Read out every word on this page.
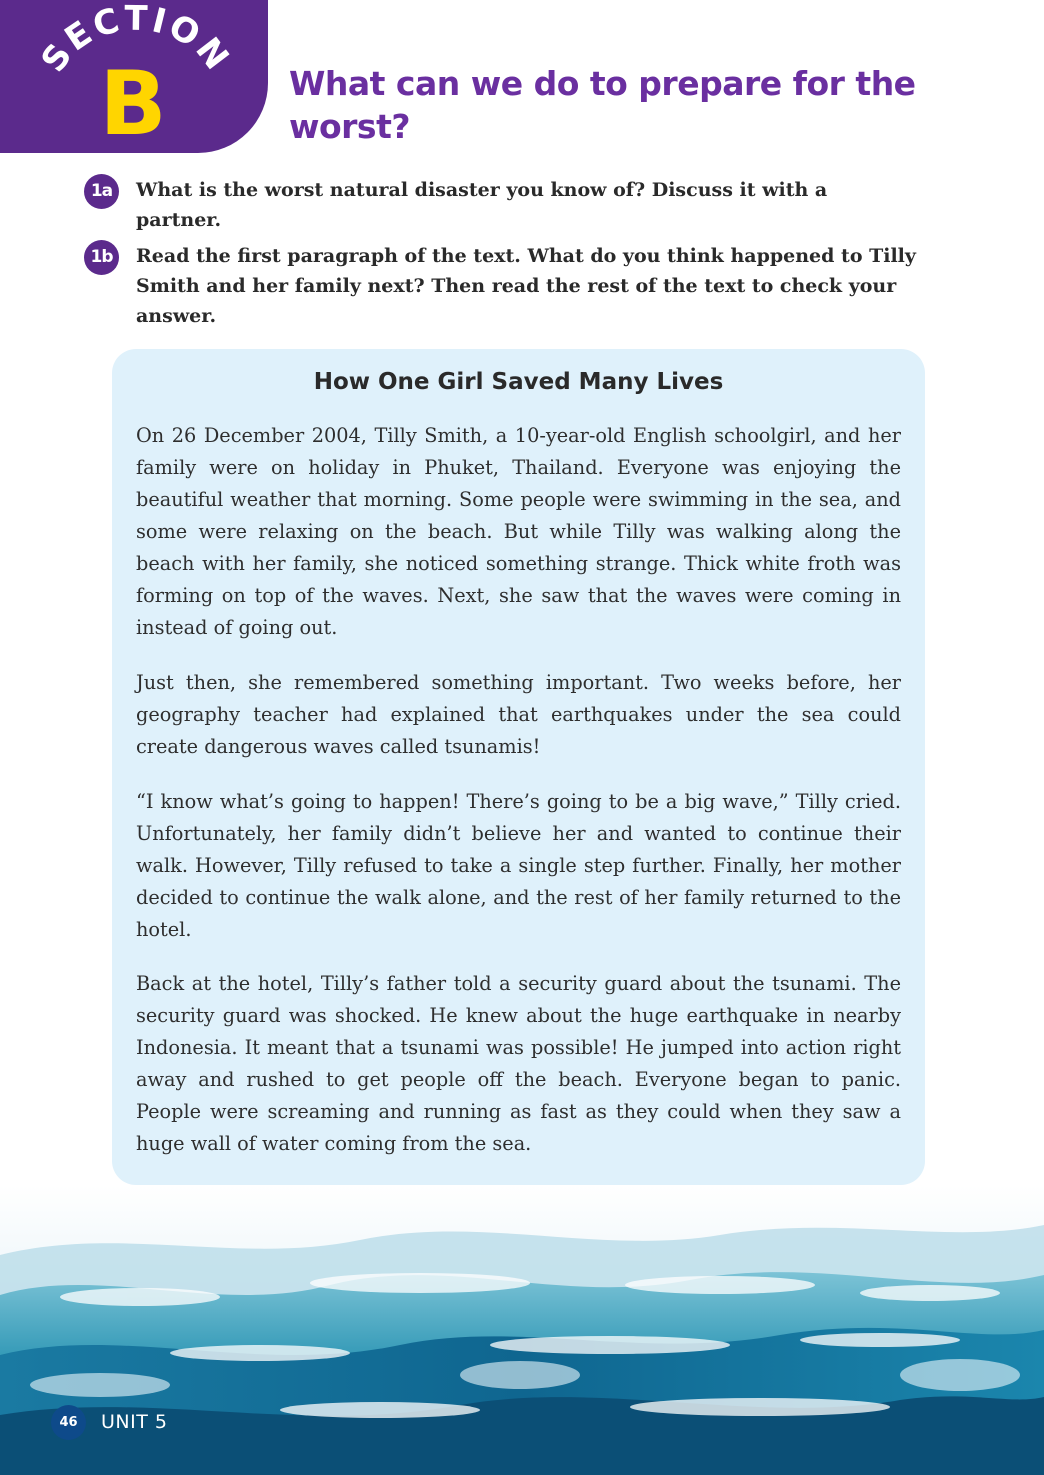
SECTION
B	What can we do to prepare for the worst?
1a	What is the worst natural disaster you know of? Discuss it with a partner.
1b	Read the first paragraph of the text. What do you think happened to Tilly Smith and her family next? Then read the rest of the text to check your answer.
How One Girl Saved Many Lives

On 26 December 2004, Tilly Smith, a 10-year-old English schoolgirl, and her family were on holiday in Phuket, Thailand. Everyone was enjoying the beautiful weather that morning. Some people were swimming in the sea, and some were relaxing on the beach. But while Tilly was walking along the beach with her family, she noticed something strange. Thick white froth was forming on top of the waves. Next, she saw that the waves were coming in instead of going out.

Just then, she remembered something important. Two weeks before, her geography teacher had explained that earthquakes under the sea could create dangerous waves called tsunamis!

“I know what’s going to happen! There’s going to be a big wave,” Tilly cried. Unfortunately, her family didn’t believe her and wanted to continue their walk. However, Tilly refused to take a single step further. Finally, her mother decided to continue the walk alone, and the rest of her family returned to the hotel.

Back at the hotel, Tilly’s father told a security guard about the tsunami. The security guard was shocked. He knew about the huge earthquake in nearby Indonesia. It meant that a tsunami was possible! He jumped into action right away and rushed to get people off the beach. Everyone began to panic. People were screaming and running as fast as they could when they saw a huge wall of water coming from the sea.

46	UNIT 5
